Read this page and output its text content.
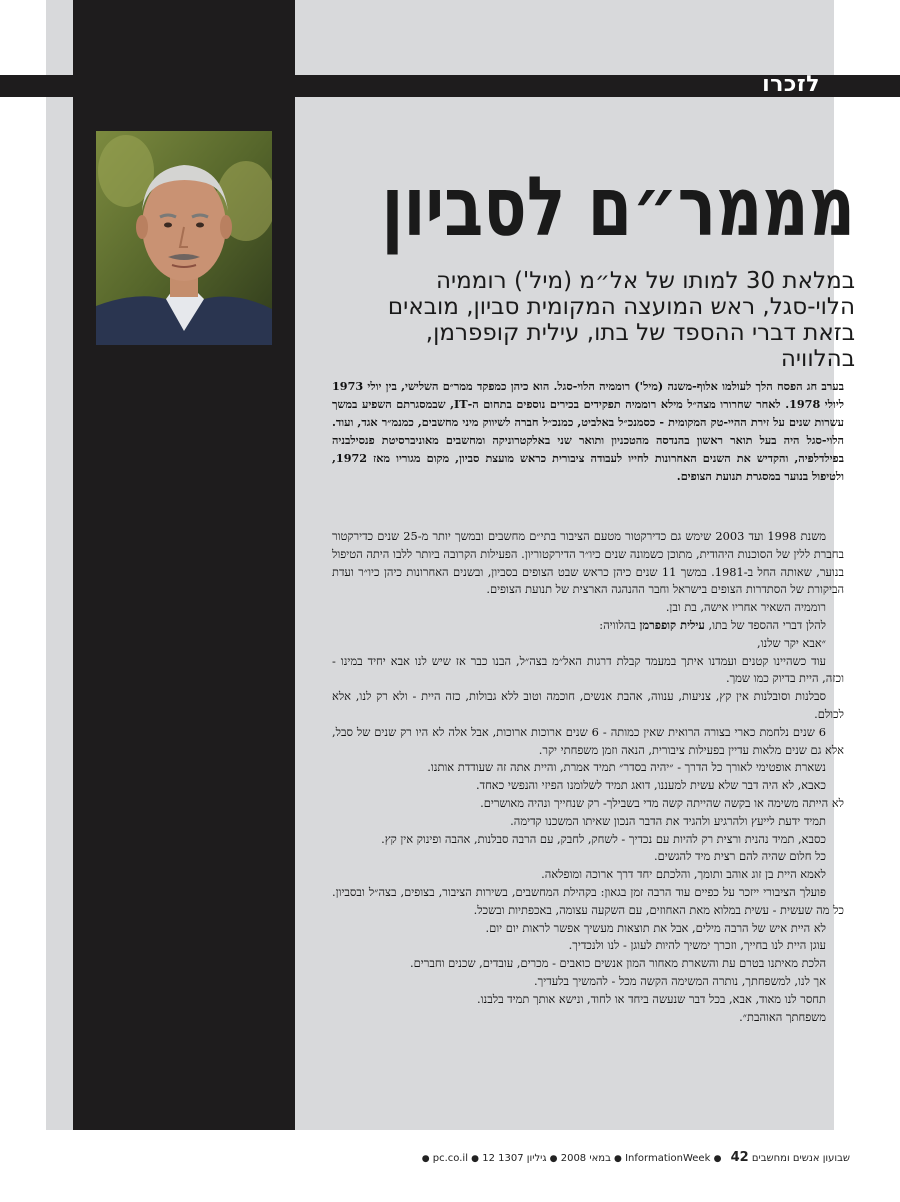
לזכרו
מממר״ם לסביון
במלאת 30 למותו של אל״מ (מיל') רוממיה הלוי-סגל, ראש המועצה המקומית סביון, מובאים בזאת דברי ההספד של בתו, עילית קופפרמן, בהלוויה
בערב חג הפסח הלך לעולמו אלוף-משנה (מיל') רוממיה הלוי-סגל. הוא כיהן כמפקד ממר״ם השלישי, בין יולי 1973 ליולי 1978. לאחר שחרורו מצה״ל מילא רוממיה תפקידים בכירים נוספים בתחום ה-IT, שבמסגרתם השפיע במשך עשרות שנים על זירת ההיי-טק המקומית - כסמנכ״ל באלביט, כמנכ״ל חברה לשיווק מיני מחשבים, כמנמ״ר אגד, ועוד. הלוי-סגל היה בעל תואר ראשון בהנדסה מהטכניון ותואר שני באלקטרוניקה ומחשבים מאוניברסיטת פנסילבניה בפילדלפיה, והקדיש את השנים האחרונות לחייו לעבודה ציבורית כראש מועצת סביון, מקום מגוריו מאז 1972, ולטיפול בנוער במסגרת תנועת הצופים.

משנת 1998 ועד 2003 שימש גם כדירקטור מטעם הציבור בתי״ם מחשבים ובמשך יותר מ-25 שנים כדירקטור בחברת ללין של הסוכנות היהודית, מתוכן כשמונה שנים כיו״ר הדירקטוריון. הפעילות הקרובה ביותר ללבו היתה הטיפול בנוער, שאותה החל ב-1981. במשך 11 שנים כיהן כראש שבט הצופים בסביון, ובשנים האחרונות כיהן כיו״ר ועדת הביקורת של הסתדרות הצופים בישראל וחבר ההנהגה הארצית של תנועת הצופים.

רוממיה השאיר אחריו אישה, בת ובן.

להלן דברי ההספד של בתו, עילית קופפרמן בהלוויה:

״אבא יקר שלנו,

עוד כשהיינו קטנים ועמדנו איתך במעמד קבלת דרגות האל״מ בצה״ל, הבנו כבר אז שיש לנו אבא יחיד במינו - וכזה, היית בדיוק כמו שמך.

סבלנות וסובלנות אין קץ, צניעות, ענווה, אהבת אנשים, חוכמה וטוב ללא גבולות, כזה היית - ולא רק לנו, אלא לכולם.

6 שנים נלחמת כארי בצורה הרואית שאין כמותה - 6 שנים ארוכות ארוכות, אבל אלה לא היו רק שנים של סבל, אלא גם שנים מלאות עדיין בפעילות ציבורית, הנאה וזמן משפחתי יקר.

נשארת אופטימי לאורך כל הדרך - ״יהיה בסדר״ תמיד אמרת, והיית אתה זה שעודדת אותנו.

כאבא, לא היה דבר שלא עשית למעננו, דואג תמיד לשלומנו הפיזי והנפשי כאחד.

לא הייתה משימה או בקשה שהייתה קשה מדי בשבילך- רק שנחייך ונהיה מאושרים.

תמיד ידעת לייעץ ולהרגיע ולהגיד את הדבר הנכון שאיתו המשכנו קדימה.

כסבא, תמיד נהנית ורצית רק להיות עם נכדיך - לשחק, לחבק, עם הרבה סבלנות, אהבה ופינוק אין קץ.

כל חלום שהיה להם רצית מיד להגשים.

לאמא היית בן זוג אוהב ותומך, והלכתם יחד דרך ארוכה ומופלאה.

פועלך הציבורי ייזכר על כפיים עוד הרבה זמן בגאון: בקהילת המחשבים, בשירות הציבור, בצופים, בצה״ל ובסביון. כל מה שעשית - עשית במלוא מאת האחוזים, עם השקעה עצומה, באכפתיות ובשכל.

לא היית איש של הרבה מילים, אבל את תוצאות מעשיך אפשר לראות יום יום.

עוגן היית לנו בחייך, וזכרך ימשיך להיות לעוגן - לנו ולנכדיך.

הלכת מאיתנו בטרם עת והשארת מאחור המון אנשים כואבים - מכרים, עובדים, שכנים וחברים.

אך לנו, למשפחתך, נותרה המשימה הקשה מכל - להמשיך בלעדיך.

תחסר לנו מאוד, אבא, בכל דבר שנעשה ביחד או לחוד, ונישא אותך תמיד בלבנו.

משפחתך האוהבת״.

● pc.co.il ● 12 במאי 2008 ● גיליון 1307	● InformationWeek ●	שבועון אנשים ומחשבים 42
